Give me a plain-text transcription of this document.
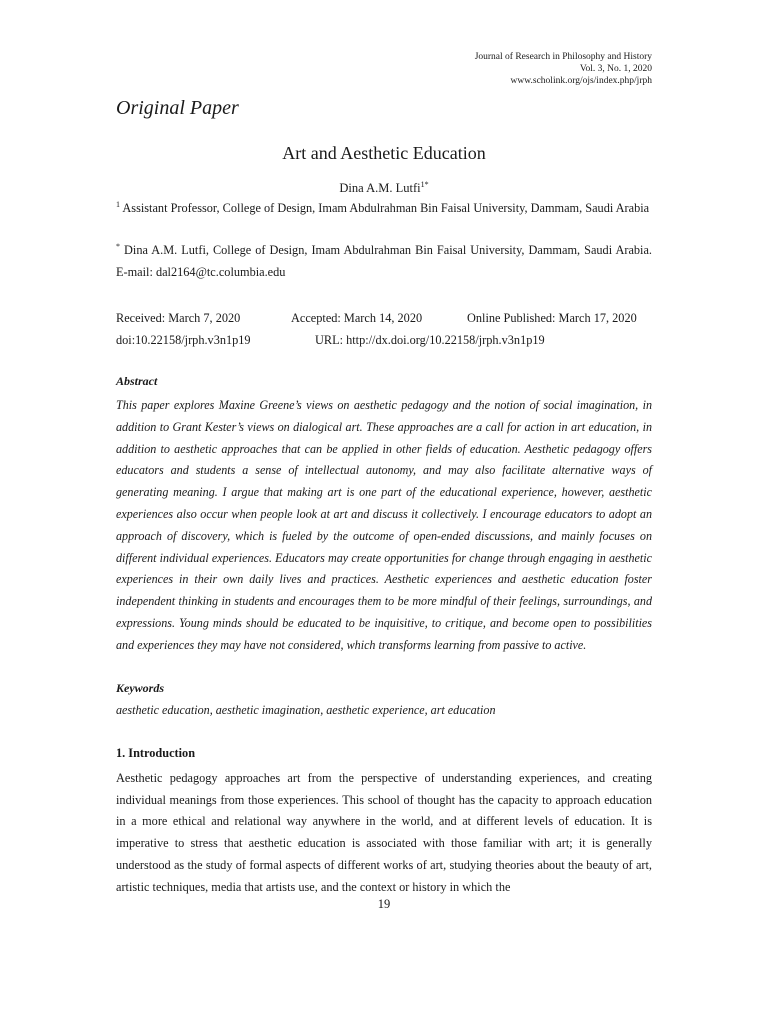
Journal of Research in Philosophy and History
Vol. 3, No. 1, 2020
www.scholink.org/ojs/index.php/jrph
Original Paper
Art and Aesthetic Education
Dina A.M. Lutfi$^{1*}$
$^1$ Assistant Professor, College of Design, Imam Abdulrahman Bin Faisal University, Dammam, Saudi Arabia
* Dina A.M. Lutfi, College of Design, Imam Abdulrahman Bin Faisal University, Dammam, Saudi Arabia. E-mail: dal2164@tc.columbia.edu
Received: March 7, 2020	Accepted: March 14, 2020	Online Published: March 17, 2020
doi:10.22158/jrph.v3n1p19	URL: http://dx.doi.org/10.22158/jrph.v3n1p19
Abstract
This paper explores Maxine Greene’s views on aesthetic pedagogy and the notion of social imagination, in addition to Grant Kester’s views on dialogical art. These approaches are a call for action in art education, in addition to aesthetic approaches that can be applied in other fields of education. Aesthetic pedagogy offers educators and students a sense of intellectual autonomy, and may also facilitate alternative ways of generating meaning. I argue that making art is one part of the educational experience, however, aesthetic experiences also occur when people look at art and discuss it collectively. I encourage educators to adopt an approach of discovery, which is fueled by the outcome of open-ended discussions, and mainly focuses on different individual experiences. Educators may create opportunities for change through engaging in aesthetic experiences in their own daily lives and practices. Aesthetic experiences and aesthetic education foster independent thinking in students and encourages them to be more mindful of their feelings, surroundings, and expressions. Young minds should be educated to be inquisitive, to critique, and become open to possibilities and experiences they may have not considered, which transforms learning from passive to active.
Keywords
aesthetic education, aesthetic imagination, aesthetic experience, art education
1. Introduction
Aesthetic pedagogy approaches art from the perspective of understanding experiences, and creating individual meanings from those experiences. This school of thought has the capacity to approach education in a more ethical and relational way anywhere in the world, and at different levels of education. It is imperative to stress that aesthetic education is associated with those familiar with art; it is generally understood as the study of formal aspects of different works of art, studying theories about the beauty of art, artistic techniques, media that artists use, and the context or history in which the
19
